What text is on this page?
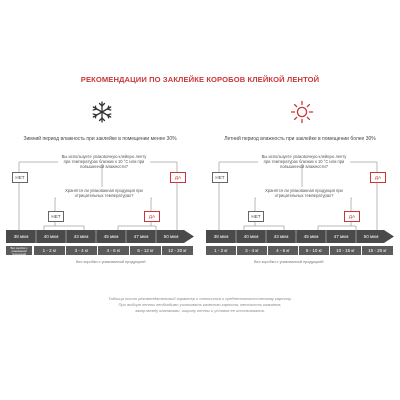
РЕКОМЕНДАЦИИ ПО ЗАКЛЕЙКЕ КОРОБОВ КЛЕЙКОЙ ЛЕНТОЙ
Зимний период влажность при заклейке в помещении менее 30%
Вы используете упаковочную клейкую ленту при температурах близких к 10 °С или при повышенной влажности?
Хранятся ли упакованная продукция при отрицательных температурах?
НЕТ	ДА
НЕТ	ДА
38 мкм	40 мкм	43 мкм	45 мкм	47 мкм	50 мкм
Вес коробки с упакованной продукцией
1 - 2 кг	3 - 4 кг	4 - 6 кг	6 - 12 кг	12 - 20 кг
Вес коробки с упакованной продукцией
Летний период влажность при заклейке в помещении более 30%
Вы используете упаковочную клейкую ленту при температурах близких к 10 °С или при повышенной влажности?
Хранятся ли упакованная продукция при отрицательных температурах?
НЕТ	ДА
НЕТ	ДА
38 мкм	40 мкм	43 мкм	45 мкм	47 мкм	50 мкм
1 - 2 кг	3 - 4 кг	4 - 6 кг	6 - 10 кг	10 - 15 кг	15 - 25 кг
Вес коробки с упакованной продукцией
Таблица носит рекомендательный характер и относится к среднестатистическому картону.
При выборе ленты необходимо учитывать качество картона, жесткость клапанов,
зазор между клапанами, ширину ленты и условия ее использования.
